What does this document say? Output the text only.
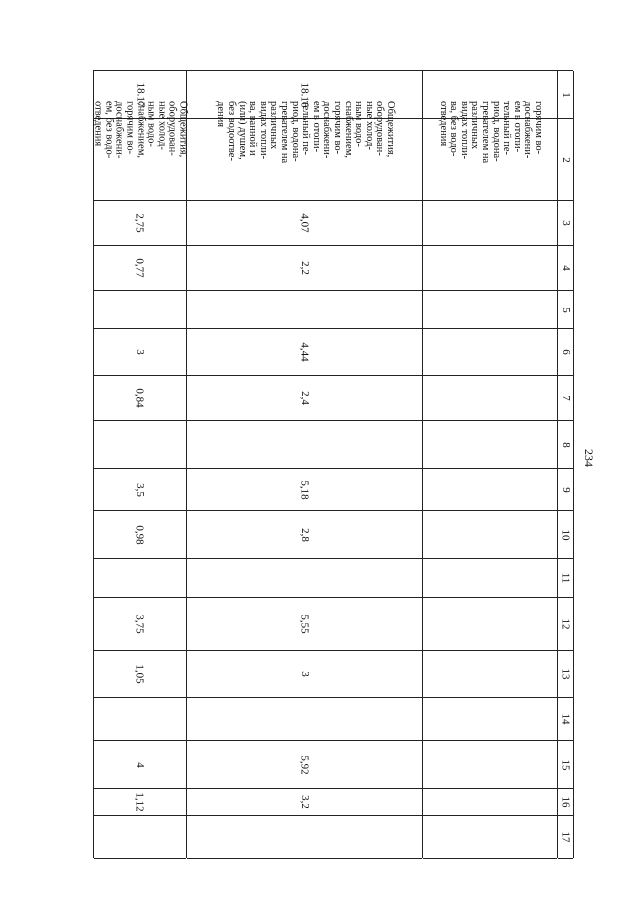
234
1
2
3
4
5
6
7
8
9
10
11
12
13
14
15
16
17
горячим во-
доснабжени-
ем в отопи-
тельный пе-
риод, водона-
гревателем на
различных
видах топли-
ва, без водо-
отведения
18.16
Общежития,
оборудован-
ные холод-
ным водо-
снабжением,
горячим во-
доснабжени-
ем в отопи-
тельный пе-
риод, водона-
гревателем на
различных
видах топли-
ва, ванной и
(или) душем,
без водоотве-
дения
4,07
2,2
4,44
2,4
5,18
2,8
5,55
3
5,92
3,2
18.17
Общежития,
оборудован-
ные холод-
ным водо-
снабжением,
горячим во-
доснабжени-
ем, без водо-
отведения
2,75
0,77
3
0,84
3,5
0,98
3,75
1,05
4
1,12
